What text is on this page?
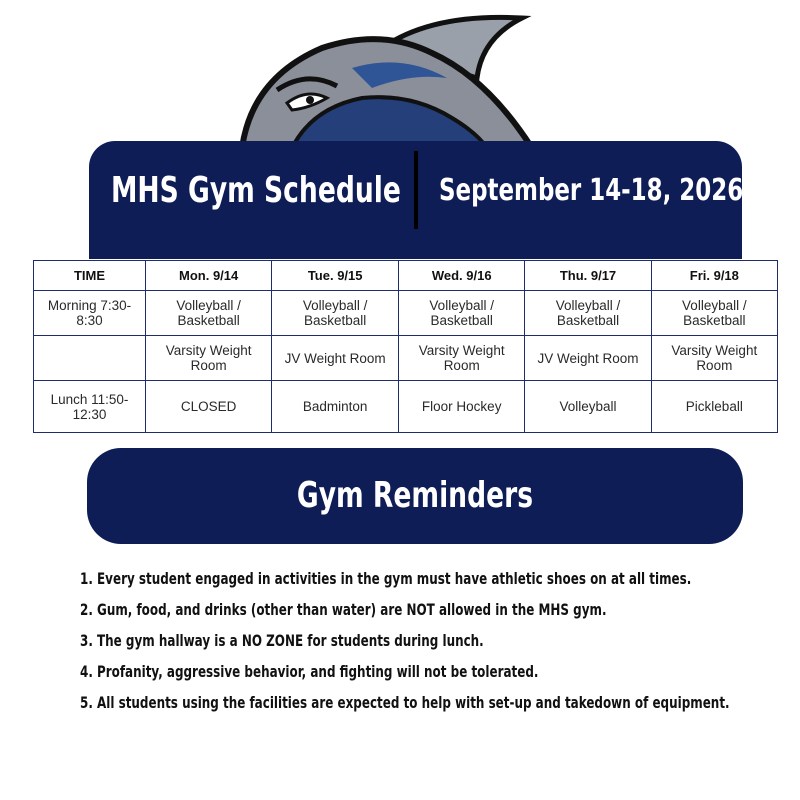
MHS Gym Schedule September 14-18, 2026
TIME	Mon. 9/14	Tue. 9/15	Wed. 9/16	Thu. 9/17	Fri. 9/18
Morning 7:30-8:30	Volleyball / Basketball	Volleyball / Basketball	Volleyball / Basketball	Volleyball / Basketball	Volleyball / Basketball
	Varsity Weight Room	JV Weight Room	Varsity Weight Room	JV Weight Room	Varsity Weight Room
Lunch 11:50-12:30	CLOSED	Badminton	Floor Hockey	Volleyball	Pickleball
Gym Reminders
1. Every student engaged in activities in the gym must have athletic shoes on at all times.
2. Gum, food, and drinks (other than water) are NOT allowed in the MHS gym.
3. The gym hallway is a NO ZONE for students during lunch.
4. Profanity, aggressive behavior, and fighting will not be tolerated.
5. All students using the facilities are expected to help with set-up and takedown of equipment.
